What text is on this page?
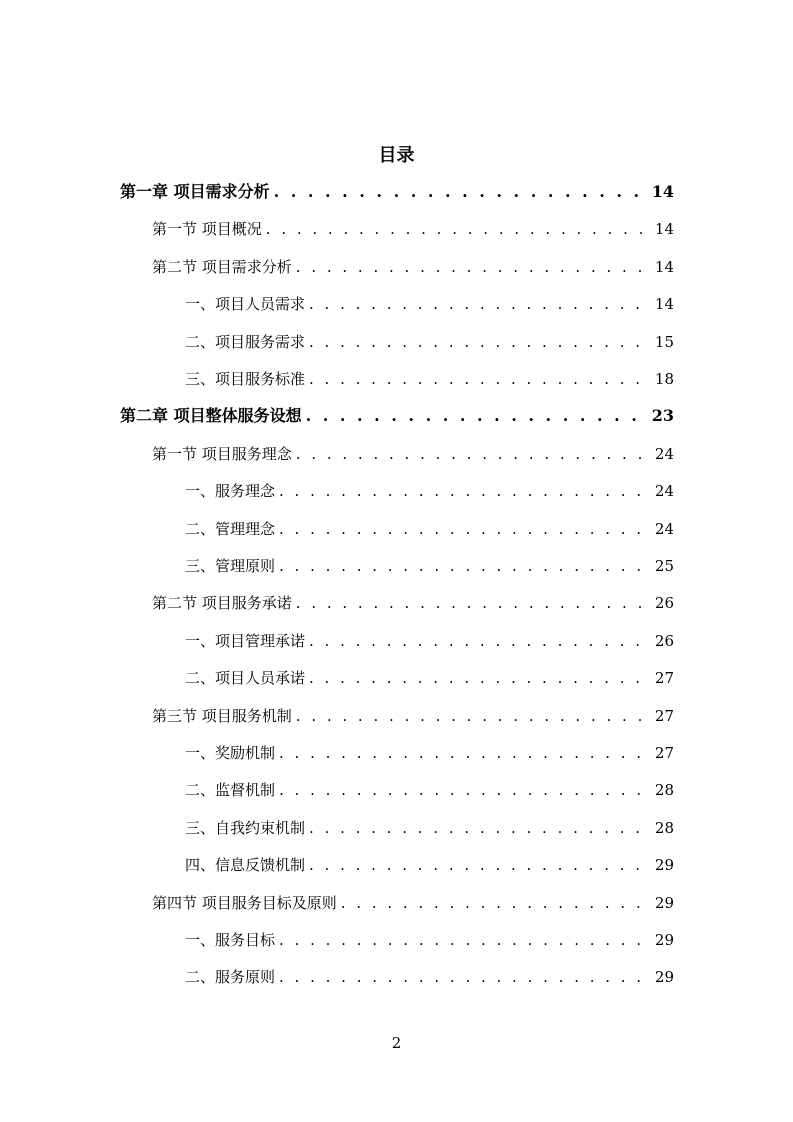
目录
第一章 项目需求分析 . . .	14
第一节 项目概况 . . .	14
第二节 项目需求分析 . . .	14
一、项目人员需求 . . .	14
二、项目服务需求 . . .	15
三、项目服务标准 . . .	18
第二章 项目整体服务设想 . . .	23
第一节 项目服务理念 . . .	24
一、服务理念 . . .	24
二、管理理念 . . .	24
三、管理原则 . . .	25
第二节 项目服务承诺 . . .	26
一、项目管理承诺 . . .	26
二、项目人员承诺 . . .	27
第三节 项目服务机制 . . .	27
一、奖励机制 . . .	27
二、监督机制 . . .	28
三、自我约束机制 . . .	28
四、信息反馈机制 . . .	29
第四节 项目服务目标及原则 . . .	29
一、服务目标 . . .	29
二、服务原则 . . .	29
2
